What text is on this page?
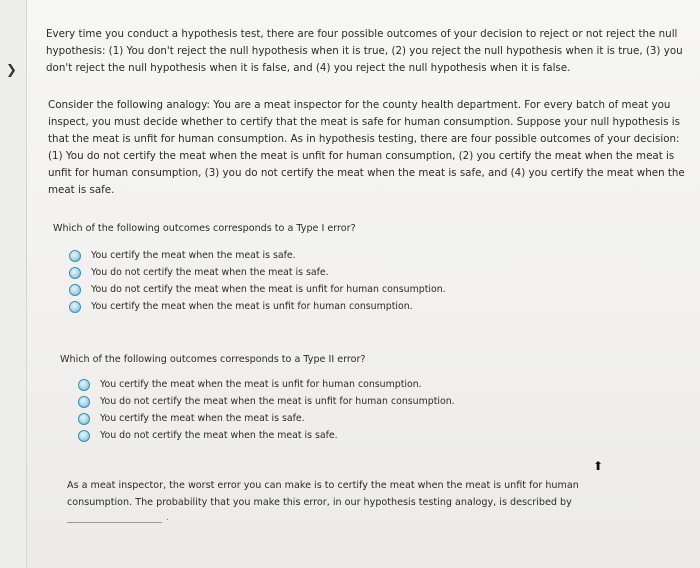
❯

Every time you conduct a hypothesis test, there are four possible outcomes of your decision to reject or not reject the null hypothesis: (1) You don't reject the null hypothesis when it is true, (2) you reject the null hypothesis when it is true, (3) you don't reject the null hypothesis when it is false, and (4) you reject the null hypothesis when it is false.

Consider the following analogy: You are a meat inspector for the county health department. For every batch of meat you inspect, you must decide whether to certify that the meat is safe for human consumption. Suppose your null hypothesis is that the meat is unfit for human consumption. As in hypothesis testing, there are four possible outcomes of your decision: (1) You do not certify the meat when the meat is unfit for human consumption, (2) you certify the meat when the meat is unfit for human consumption, (3) you do not certify the meat when the meat is safe, and (4) you certify the meat when the meat is safe.

Which of the following outcomes corresponds to a Type I error?
You certify the meat when the meat is safe.
You do not certify the meat when the meat is safe.
You do not certify the meat when the meat is unfit for human consumption.
You certify the meat when the meat is unfit for human consumption.
Which of the following outcomes corresponds to a Type II error?
You certify the meat when the meat is unfit for human consumption.
You do not certify the meat when the meat is unfit for human consumption.
You certify the meat when the meat is safe.
You do not certify the meat when the meat is safe.
⬆

As a meat inspector, the worst error you can make is to certify the meat when the meat is unfit for human consumption. The probability that you make this error, in our hypothesis testing analogy, is described by

.
